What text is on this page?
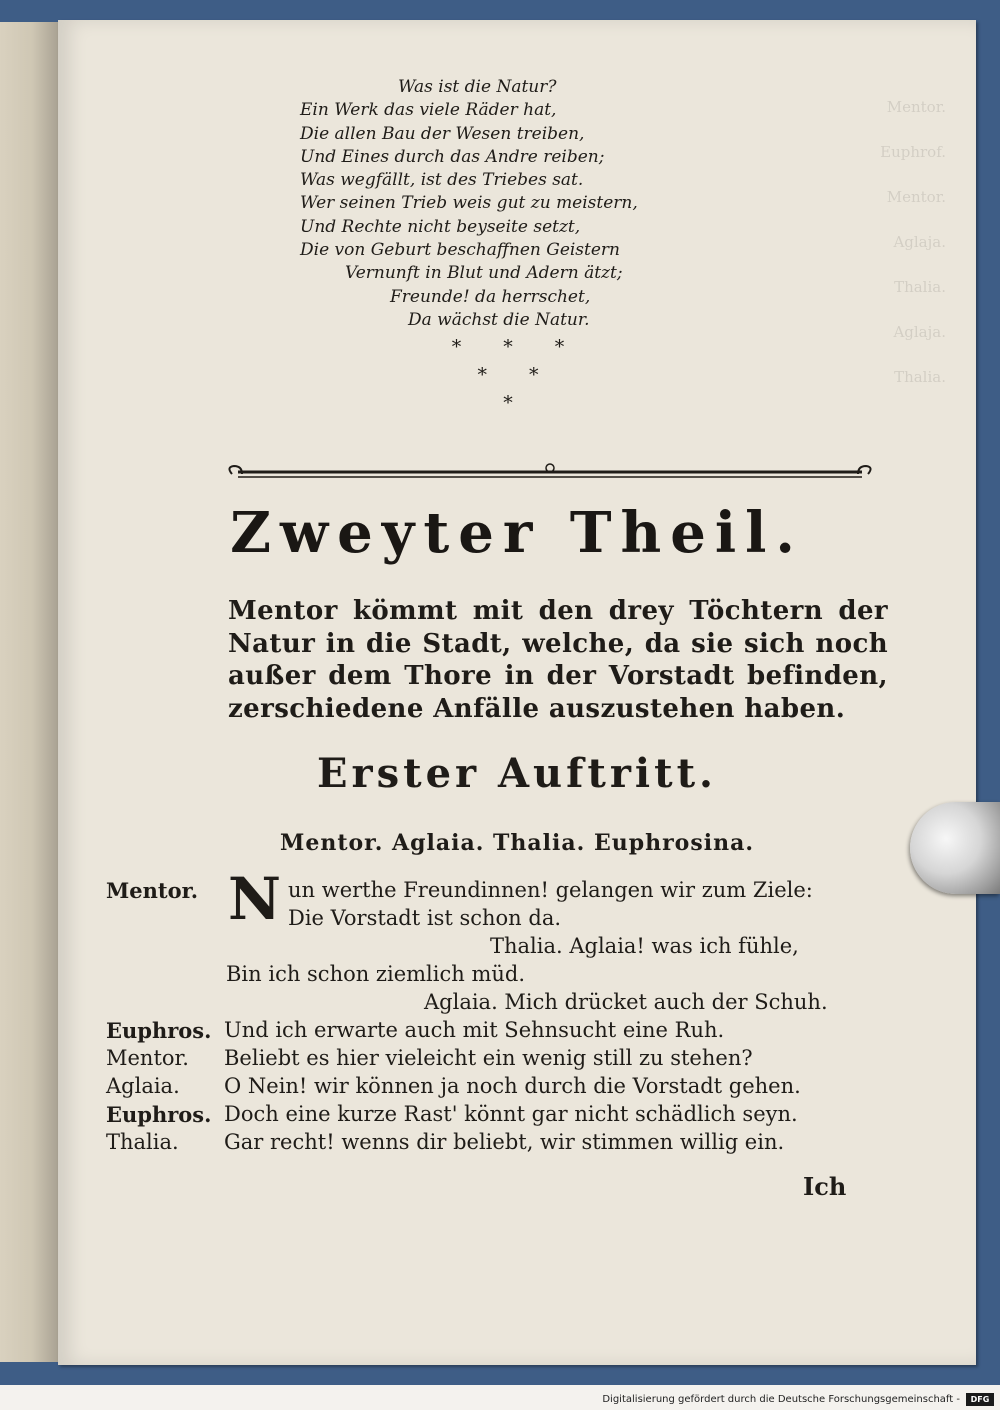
Mentor.
Euphrof.
Mentor.
Aglaja.
Thalia.
Aglaja.
Thalia.
Was ist die Natur?
Ein Werk das viele Räder hat,
Die allen Bau der Wesen treiben,
Und Eines durch das Andre reiben;
Was wegfällt, ist des Triebes sat.
Wer seinen Trieb weis gut zu meistern,
Und Rechte nicht beyseite setzt,
Die von Geburt beschaffnen Geistern
Vernunft in Blut und Adern ätzt;
Freunde! da herrschet,
Da wächst die Natur.
* * *
* *
*
Zweyter Theil.
Mentor kömmt mit den drey Töchtern der Natur in die Stadt, welche, da sie sich noch außer dem Thore in der Vorstadt befinden, zerschiedene Anfälle auszustehen haben.
Erster Auftritt.
Mentor. Aglaia. Thalia. Euphrosina.
Mentor. N un werthe Freundinnen! gelangen wir zum Ziele:
Die Vorstadt ist schon da.
Thalia. Aglaia! was ich fühle,
Bin ich schon ziemlich müd.
Aglaia. Mich drücket auch der Schuh.
Euphros. Und ich erwarte auch mit Sehnsucht eine Ruh.
Mentor. Beliebt es hier vieleicht ein wenig still zu stehen?
Aglaia. O Nein! wir können ja noch durch die Vorstadt gehen.
Euphros. Doch eine kurze Rast' könnt gar nicht schädlich seyn.
Thalia. Gar recht! wenns dir beliebt, wir stimmen willig ein.
Ich
Digitalisierung gefördert durch die Deutsche Forschungsgemeinschaft -	DFG
